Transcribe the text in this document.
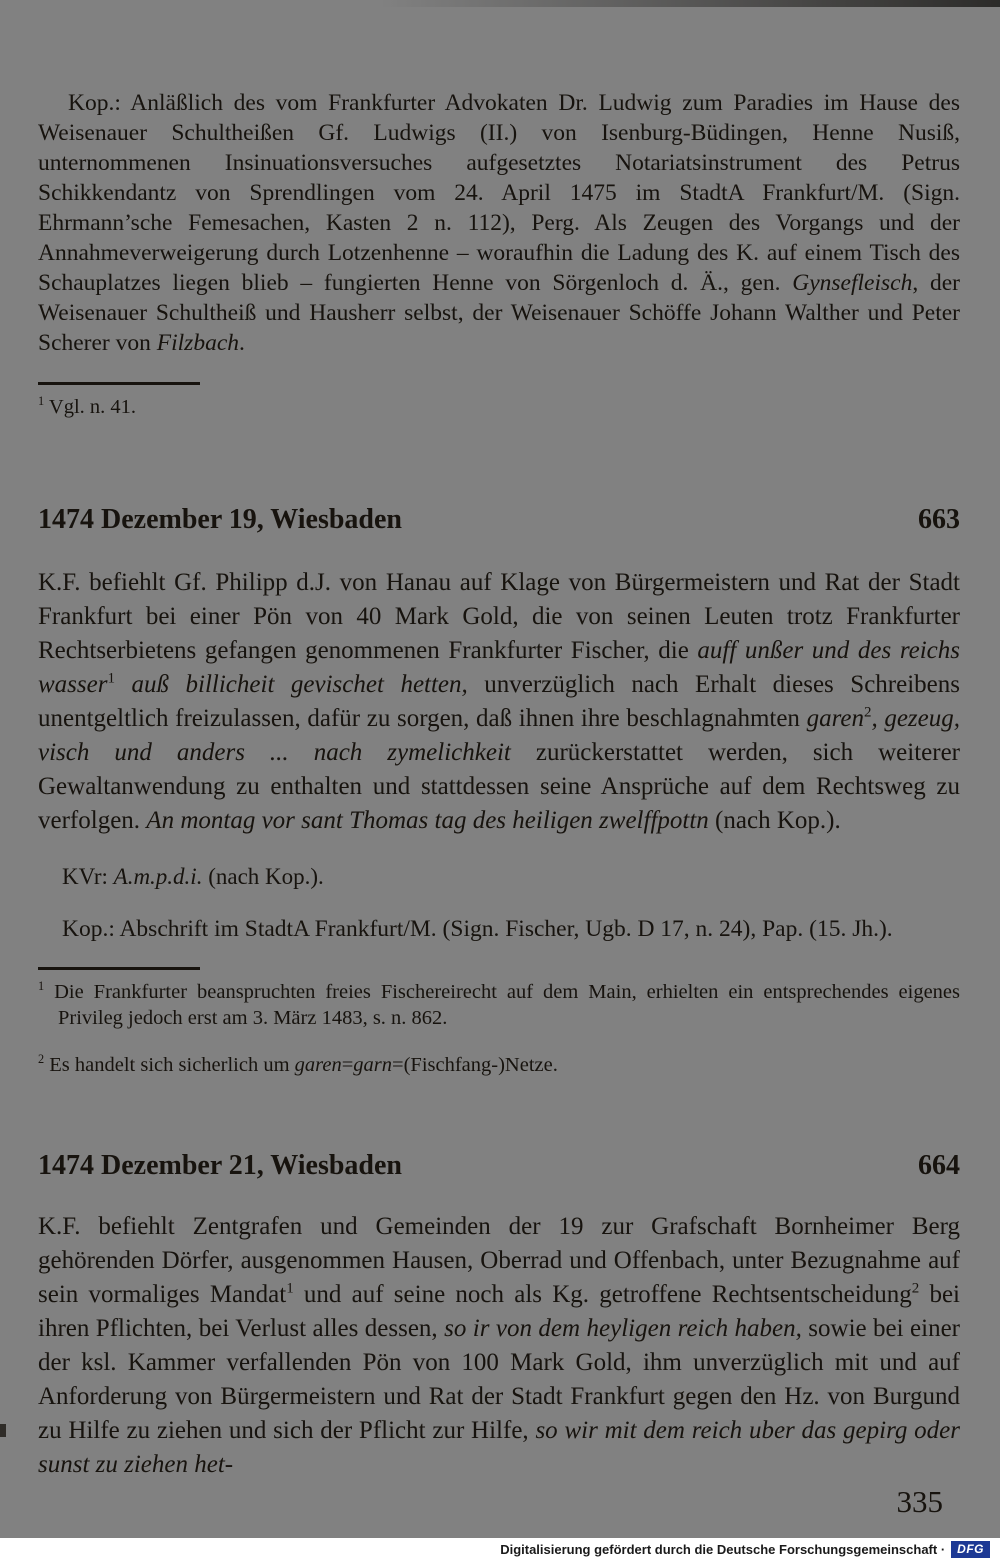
Kop.: Anläßlich des vom Frankfurter Advokaten Dr. Ludwig zum Paradies im Hause des Weisenauer Schultheißen Gf. Ludwigs (II.) von Isenburg-Büdingen, Henne Nusiß, unternommenen Insinuationsversuches aufgesetztes Notariatsinstrument des Petrus Schikkendantz von Sprendlingen vom 24. April 1475 im StadtA Frankfurt/M. (Sign. Ehrmann’sche Femesachen, Kasten 2 n. 112), Perg. Als Zeugen des Vorgangs und der Annahmeverweigerung durch Lotzenhenne – woraufhin die Ladung des K. auf einem Tisch des Schauplatzes liegen blieb – fungierten Henne von Sörgenloch d. Ä., gen. Gynsefleisch, der Weisenauer Schultheiß und Hausherr selbst, der Weisenauer Schöffe Johann Walther und Peter Scherer von Filzbach.

$^1$ Vgl. n. 41.

1474 Dezember 19, Wiesbaden	663

K.F. befiehlt Gf. Philipp d.J. von Hanau auf Klage von Bürgermeistern und Rat der Stadt Frankfurt bei einer Pön von 40 Mark Gold, die von seinen Leuten trotz Frankfurter Rechtserbietens gefangen genommenen Frankfurter Fischer, die auff unßer und des reichs wasser$^1$ auß billicheit gevischet hetten, unverzüglich nach Erhalt dieses Schreibens unentgeltlich freizulassen, dafür zu sorgen, daß ihnen ihre beschlagnahmten garen$^2$, gezeug, visch und anders ... nach zymelichkeit zurückerstattet werden, sich weiterer Gewaltanwendung zu enthalten und stattdessen seine Ansprüche auf dem Rechtsweg zu verfolgen. An montag vor sant Thomas tag des heiligen zwelffpottn (nach Kop.).

KVr: A.m.p.d.i. (nach Kop.).

Kop.: Abschrift im StadtA Frankfurt/M. (Sign. Fischer, Ugb. D 17, n. 24), Pap. (15. Jh.).

$^1$ Die Frankfurter beanspruchten freies Fischereirecht auf dem Main, erhielten ein entsprechendes eigenes Privileg jedoch erst am 3. März 1483, s. n. 862.

$^2$ Es handelt sich sicherlich um garen=garn=(Fischfang-)Netze.

1474 Dezember 21, Wiesbaden	664

K.F. befiehlt Zentgrafen und Gemeinden der 19 zur Grafschaft Bornheimer Berg gehörenden Dörfer, ausgenommen Hausen, Oberrad und Offenbach, unter Bezugnahme auf sein vormaliges Mandat$^1$ und auf seine noch als Kg. getroffene Rechtsentscheidung$^2$ bei ihren Pflichten, bei Verlust alles dessen, so ir von dem heyligen reich haben, sowie bei einer der ksl. Kammer verfallenden Pön von 100 Mark Gold, ihm unverzüglich mit und auf Anforderung von Bürgermeistern und Rat der Stadt Frankfurt gegen den Hz. von Burgund zu Hilfe zu ziehen und sich der Pflicht zur Hilfe, so wir mit dem reich uber das gepirg oder sunst zu ziehen het-

335
Digitalisierung gefördert durch die Deutsche Forschungsgemeinschaft ·	DFG
